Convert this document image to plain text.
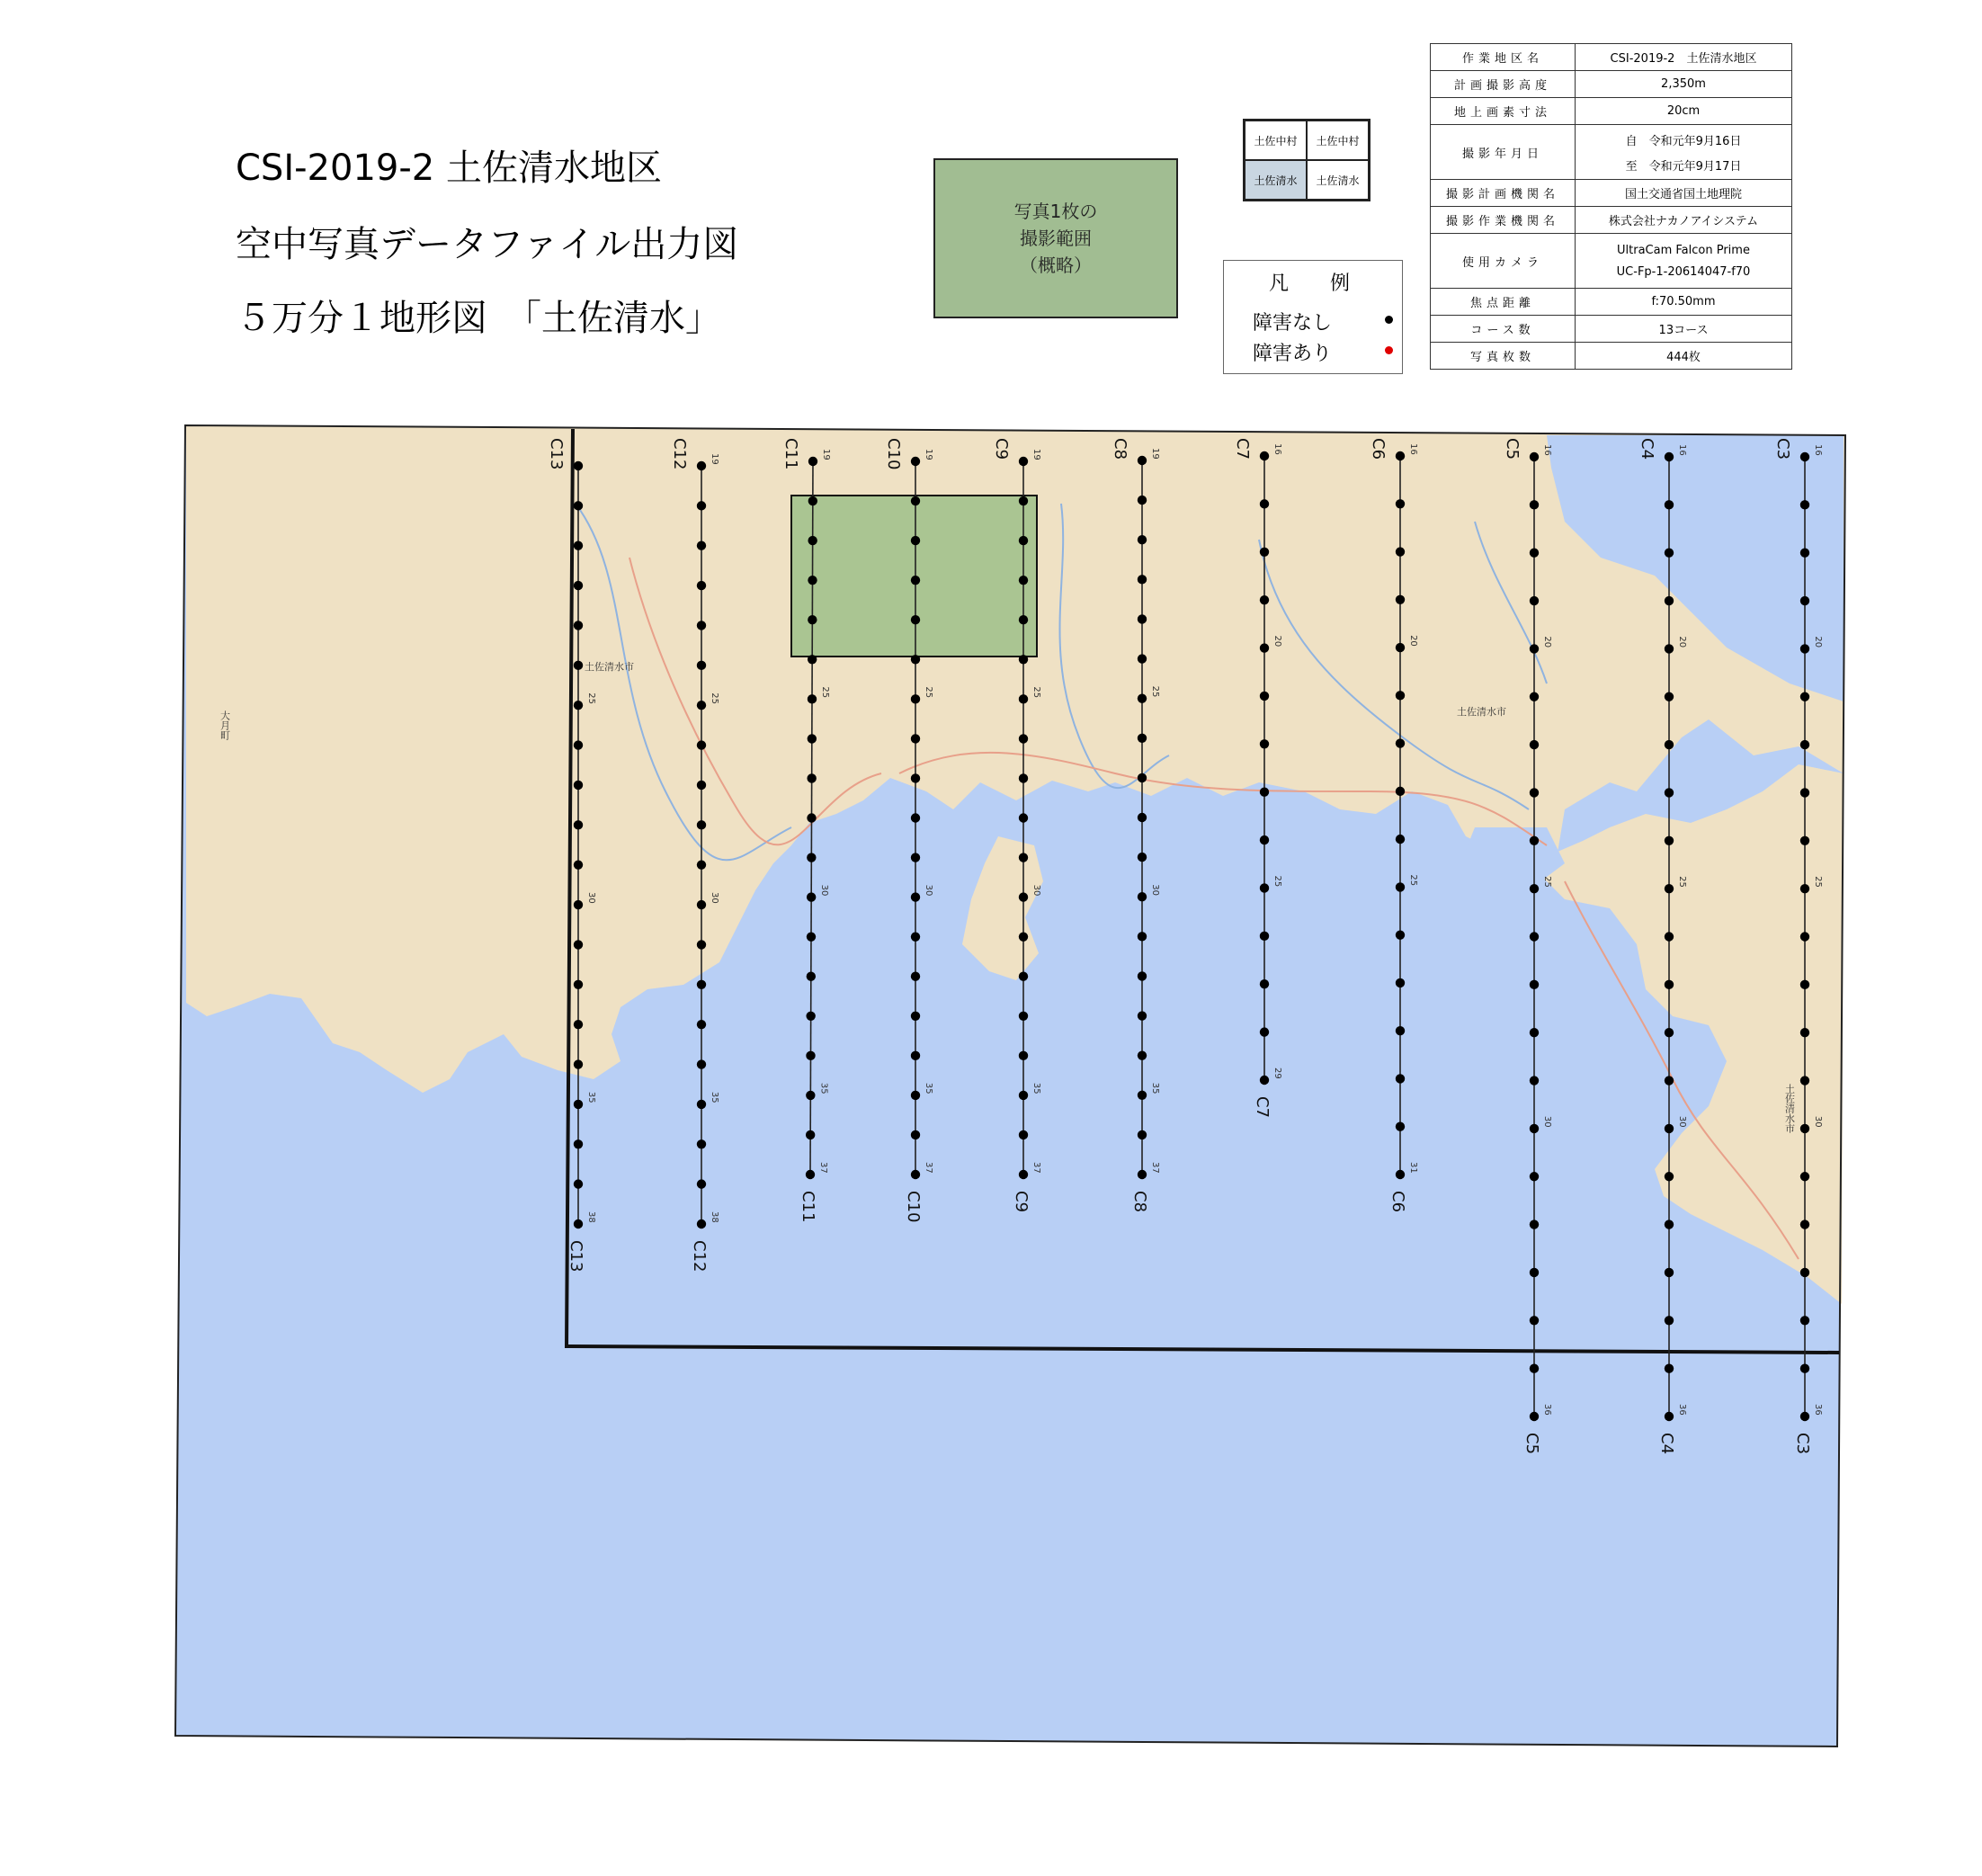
CSI-2019-2 土佐清水地区
空中写真データファイル出力図
５万分１地形図　「土佐清水」
写真1枚の
撮影範囲
（概略）
土佐中村	土佐中村
土佐清水	土佐清水
凡例
障害なし
障害あり
作業地区名	CSI-2019-2　土佐清水地区
計画撮影高度	2,350m
地上画素寸法	20cm
撮影年月日	自　令和元年9月16日
至　令和元年9月17日

撮影計画機関名	国土交通省国土地理院
撮影作業機関名	株式会社ナカノアイシステム
使用カメラ	UltraCam Falcon Prime
UC-Fp-1-20614047-f70

焦点距離	f:70.50mm
コース数	13コース
写真枚数	444枚
土佐清水市
土佐清水市
土佐清水市
大月町
25
30
35
38
C13
C13
19
25
30
35
38
C12
C12
19
25
30
35
37
C11
C11
19
25
30
35
37
C10
C10
19
25
30
35
37
C9
C9
19
25
30
35
37
C8
C8
16
20
25
29
C7
C7
16
20
25
31
C6
C6
16
20
25
30
36
C5
C5
16
20
25
30
36
C4
C4
16
20
25
30
36
C3
C3
